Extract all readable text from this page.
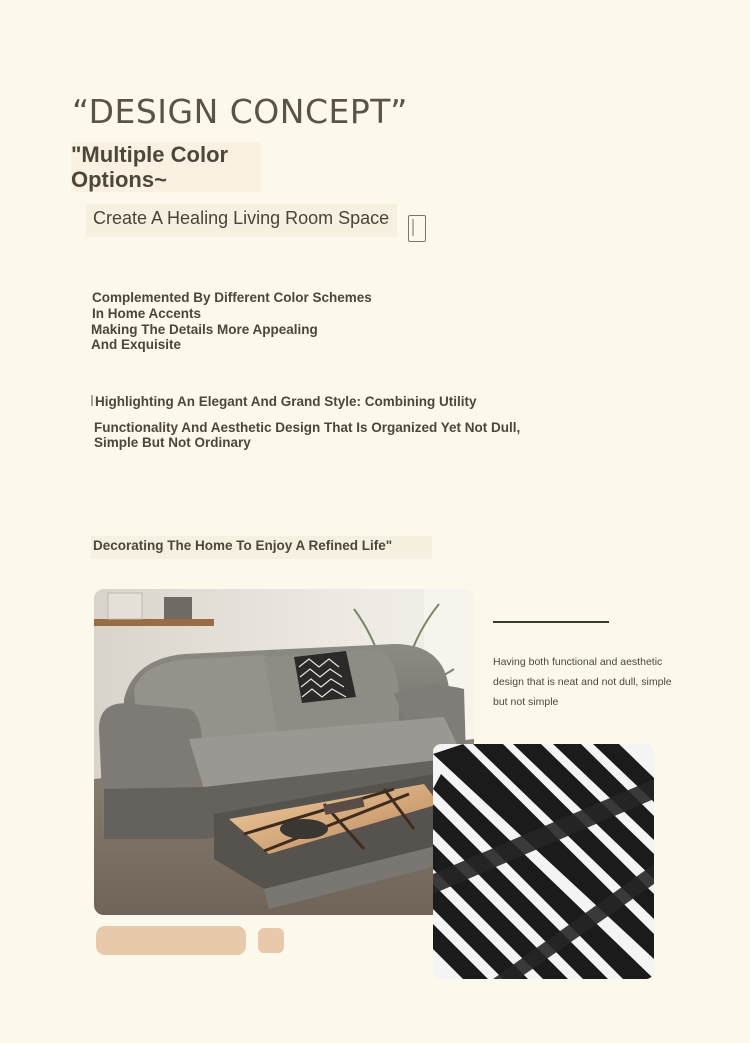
“DESIGN CONCEPT”
"Multiple Color Options~
Create A Healing Living Room Space
Complemented By Different Color Schemes
In Home Accents
Making The Details More Appealing
And Exquisite
Highlighting An Elegant And Grand Style: Combining Utility
Functionality And Aesthetic Design That Is Organized Yet Not Dull, Simple But Not Ordinary
Decorating The Home To Enjoy A Refined Life"
Having both functional and aesthetic design that is neat and not dull, simple but not simple
